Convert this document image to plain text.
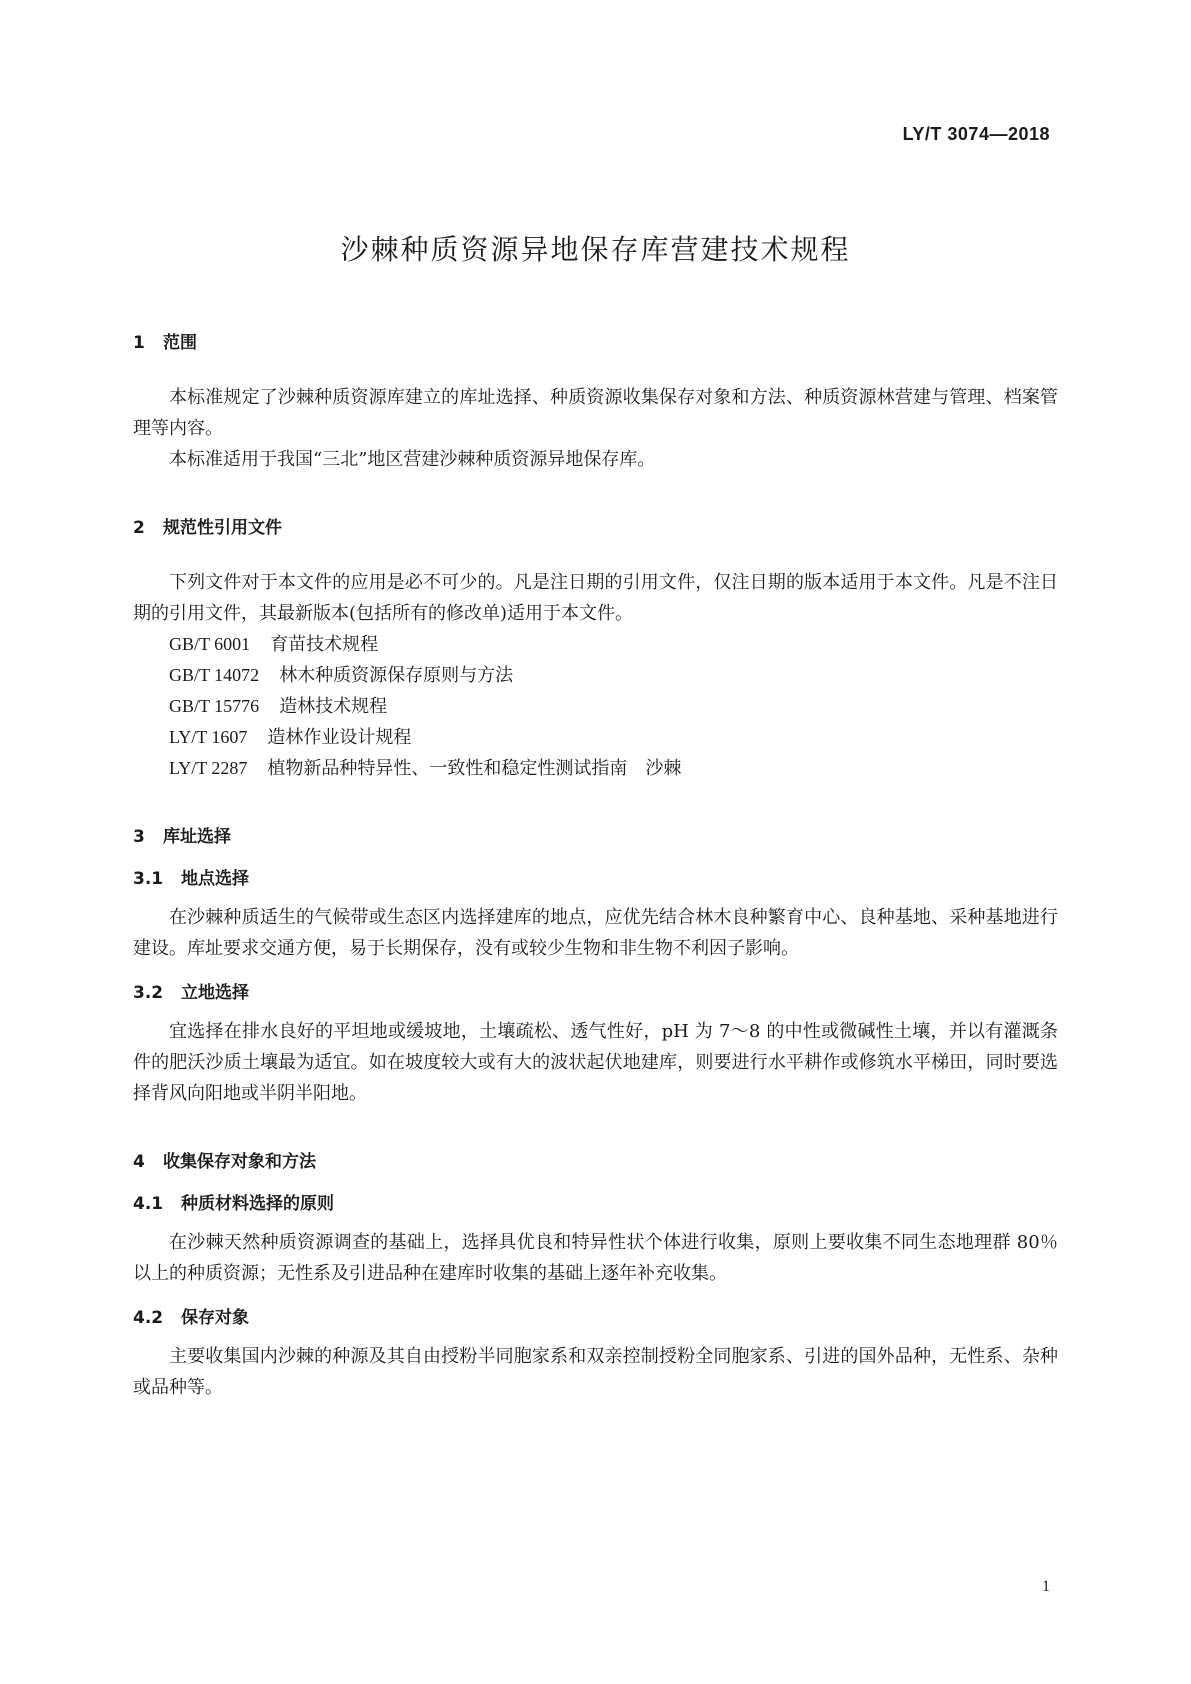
LY/T 3074—2018
沙棘种质资源异地保存库营建技术规程
1	范围

本标准规定了沙棘种质资源库建立的库址选择、种质资源收集保存对象和方法、种质资源林营建与管理、档案管理等内容。

本标准适用于我国“三北”地区营建沙棘种质资源异地保存库。

2	规范性引用文件

下列文件对于本文件的应用是必不可少的。凡是注日期的引用文件，仅注日期的版本适用于本文件。凡是不注日期的引用文件，其最新版本(包括所有的修改单)适用于本文件。

GB/T 6001 育苗技术规程
GB/T 14072 林木种质资源保存原则与方法
GB/T 15776 造林技术规程
LY/T 1607 造林作业设计规程
LY/T 2287 植物新品种特异性、一致性和稳定性测试指南　沙棘
3	库址选择
3.1	地点选择

在沙棘种质适生的气候带或生态区内选择建库的地点，应优先结合林木良种繁育中心、良种基地、采种基地进行建设。库址要求交通方便，易于长期保存，没有或较少生物和非生物不利因子影响。

3.2	立地选择

宜选择在排水良好的平坦地或缓坡地，土壤疏松、透气性好，pH 为 7～8 的中性或微碱性土壤，并以有灌溉条件的肥沃沙质土壤最为适宜。如在坡度较大或有大的波状起伏地建库，则要进行水平耕作或修筑水平梯田，同时要选择背风向阳地或半阴半阳地。

4	收集保存对象和方法
4.1	种质材料选择的原则

在沙棘天然种质资源调查的基础上，选择具优良和特异性状个体进行收集，原则上要收集不同生态地理群 80％以上的种质资源；无性系及引进品种在建库时收集的基础上逐年补充收集。

4.2	保存对象

主要收集国内沙棘的种源及其自由授粉半同胞家系和双亲控制授粉全同胞家系、引进的国外品种，无性系、杂种或品种等。

1
